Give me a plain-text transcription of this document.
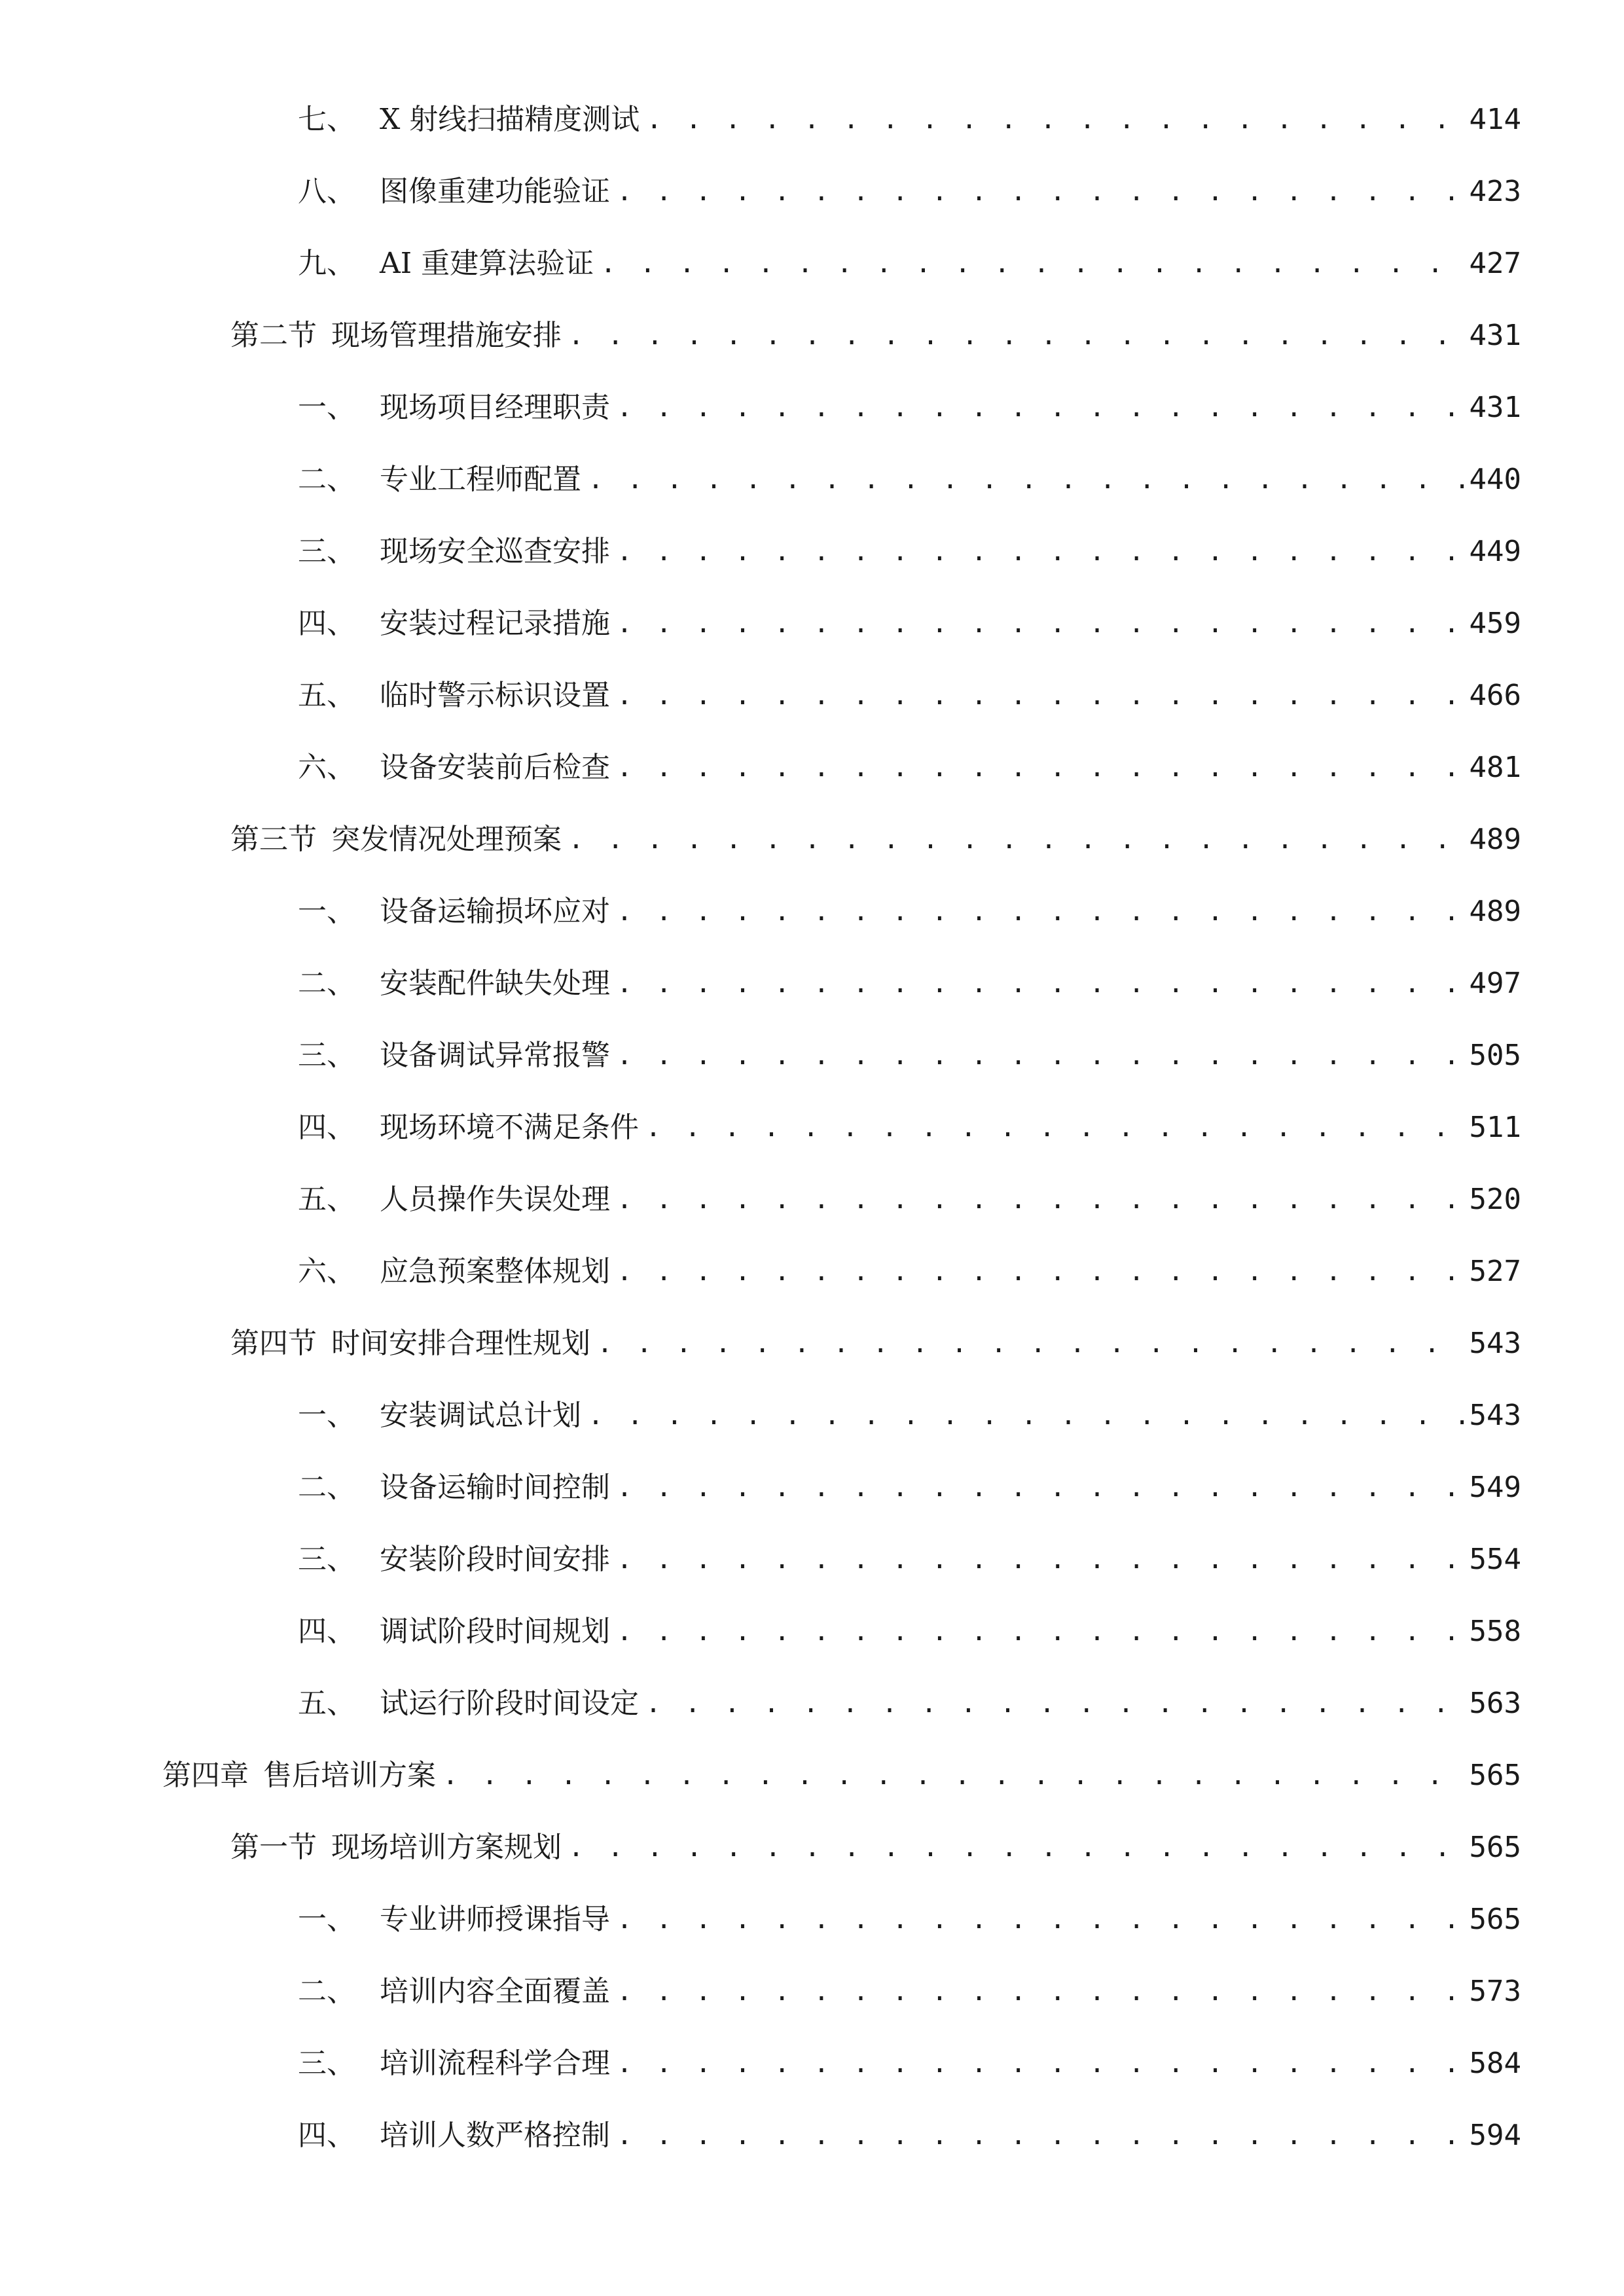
七、 X 射线扫描精度测试 . . .	414
八、 图像重建功能验证 . . .	423
九、 AI 重建算法验证 . . .	427
第二节 现场管理措施安排 . . .	431
一、 现场项目经理职责 . . .	431
二、 专业工程师配置 . . .	440
三、 现场安全巡查安排 . . .	449
四、 安装过程记录措施 . . .	459
五、 临时警示标识设置 . . .	466
六、 设备安装前后检查 . . .	481
第三节 突发情况处理预案 . . .	489
一、 设备运输损坏应对 . . .	489
二、 安装配件缺失处理 . . .	497
三、 设备调试异常报警 . . .	505
四、 现场环境不满足条件 . . .	511
五、 人员操作失误处理 . . .	520
六、 应急预案整体规划 . . .	527
第四节 时间安排合理性规划 . . .	543
一、 安装调试总计划 . . .	543
二、 设备运输时间控制 . . .	549
三、 安装阶段时间安排 . . .	554
四、 调试阶段时间规划 . . .	558
五、 试运行阶段时间设定 . . .	563
第四章 售后培训方案 . . .	565
第一节 现场培训方案规划 . . .	565
一、 专业讲师授课指导 . . .	565
二、 培训内容全面覆盖 . . .	573
三、 培训流程科学合理 . . .	584
四、 培训人数严格控制 . . .	594
